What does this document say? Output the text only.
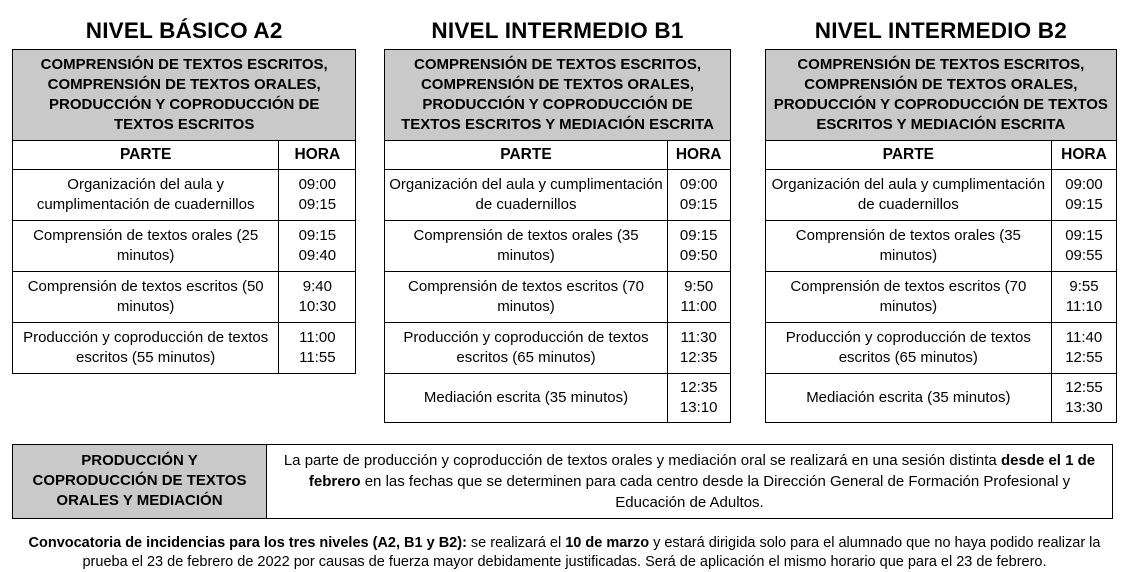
NIVEL BÁSICO A2
COMPRENSIÓN DE TEXTOS ESCRITOS, COMPRENSIÓN DE TEXTOS ORALES, PRODUCCIÓN Y COPRODUCCIÓN DE TEXTOS ESCRITOS	
PARTE	HORA
Organización del aula y cumplimentación de cuadernillos	09:00
09:15

Comprensión de textos orales (25 minutos)	09:15
09:40

Comprensión de textos escritos (50 minutos)	9:40
10:30

Producción y coproducción de textos escritos (55 minutos)	11:00
11:55
NIVEL INTERMEDIO B1
COMPRENSIÓN DE TEXTOS ESCRITOS, COMPRENSIÓN DE TEXTOS ORALES, PRODUCCIÓN Y COPRODUCCIÓN DE TEXTOS ESCRITOS Y MEDIACIÓN ESCRITA	
PARTE	HORA
Organización del aula y cumplimentación de cuadernillos	09:00
09:15

Comprensión de textos orales (35 minutos)	09:15
09:50

Comprensión de textos escritos (70 minutos)	9:50
11:00

Producción y coproducción de textos escritos (65 minutos)	11:30
12:35

Mediación escrita (35 minutos)	12:35
13:10
NIVEL INTERMEDIO B2
COMPRENSIÓN DE TEXTOS ESCRITOS, COMPRENSIÓN DE TEXTOS ORALES, PRODUCCIÓN Y COPRODUCCIÓN DE TEXTOS ESCRITOS Y MEDIACIÓN ESCRITA	
PARTE	HORA
Organización del aula y cumplimentación de cuadernillos	09:00
09:15

Comprensión de textos orales (35 minutos)	09:15
09:55

Comprensión de textos escritos (70 minutos)	9:55
11:10

Producción y coproducción de textos escritos (65 minutos)	11:40
12:55

Mediación escrita (35 minutos)	12:55
13:30
PRODUCCIÓN Y COPRODUCCIÓN DE TEXTOS ORALES Y MEDIACIÓN	La parte de producción y coproducción de textos orales y mediación oral se realizará en una sesión distinta desde el 1 de febrero en las fechas que se determinen para cada centro desde la Dirección General de Formación Profesional y Educación de Adultos.

Convocatoria de incidencias para los tres niveles (A2, B1 y B2): se realizará el 10 de marzo y estará dirigida solo para el alumnado que no haya podido realizar la prueba el 23 de febrero de 2022 por causas de fuerza mayor debidamente justificadas. Será de aplicación el mismo horario que para el 23 de febrero.
